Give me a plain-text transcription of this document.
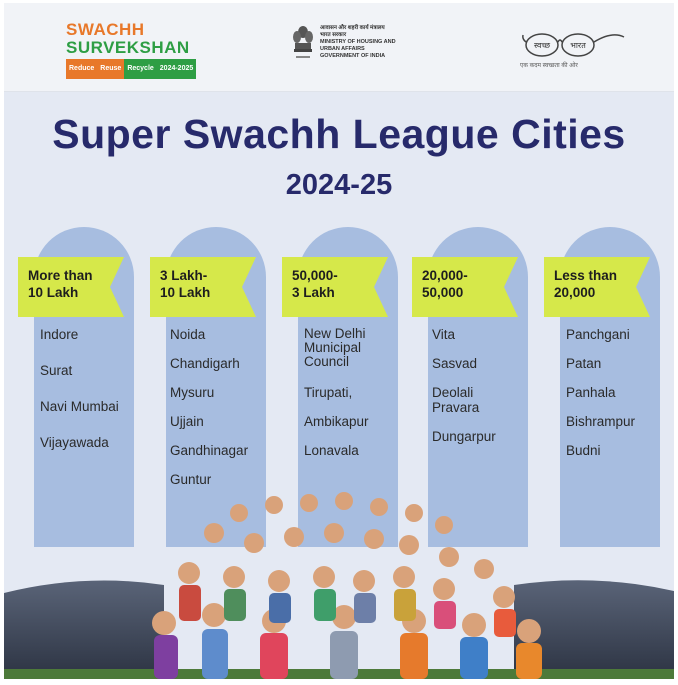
SWACHH
SURVEKSHAN
Reduce Reuse Recycle 2024-2025
आवासन और शहरी कार्य मंत्रालय
भारत सरकार
MINISTRY OF HOUSING AND
URBAN AFFAIRS
GOVERNMENT OF INDIA
स्वच्छ	भारत
एक कदम स्वच्छता की ओर
Super Swachh League Cities
2024-25
More than
10 Lakh
3 Lakh-
10 Lakh
50,000-
3 Lakh
20,000-
50,000
Less than
20,000
Indore
Surat
Navi Mumbai
Vijayawada
Noida
Chandigarh
Mysuru
Ujjain
Gandhinagar
Guntur
New Delhi
Municipal
Council
Tirupati,
Ambikapur
Lonavala
Vita
Sasvad
Deolali
Pravara
Dungarpur
Panchgani
Patan
Panhala
Bishrampur
Budni
